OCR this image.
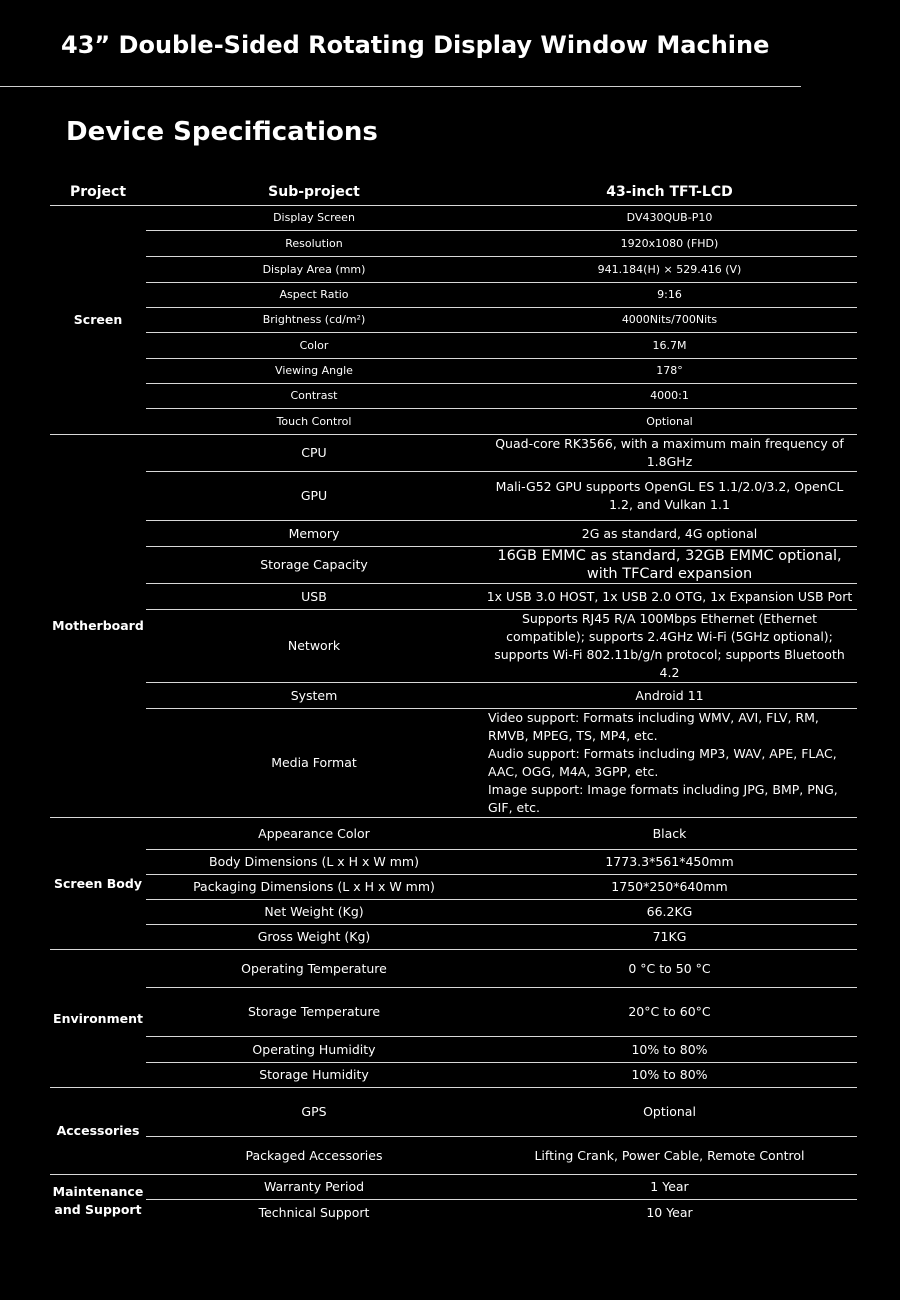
43” Double-Sided Rotating Display Window Machine
Device Specifications
Project	Sub-project	43-inch TFT-LCD
Screen	Display Screen	DV430QUB-P10
	Resolution	1920x1080 (FHD)
	Display Area (mm)	941.184(H) × 529.416 (V)
	Aspect Ratio	9:16
	Brightness (cd/m²)	4000Nits/700Nits
	Color	16.7M
	Viewing Angle	178°
	Contrast	4000:1
	Touch Control	Optional
Motherboard	CPU	Quad-core RK3566, with a maximum main frequency of 1.8GHz
	GPU	Mali-G52 GPU supports OpenGL ES 1.1/2.0/3.2, OpenCL 1.2, and Vulkan 1.1
	Memory	2G as standard, 4G optional
	Storage Capacity	16GB EMMC as standard, 32GB EMMC optional, with TFCard expansion
	USB	1x USB 3.0 HOST, 1x USB 2.0 OTG, 1x Expansion USB Port
	Network	Supports RJ45 R/A 100Mbps Ethernet (Ethernet compatible); supports 2.4GHz Wi-Fi (5GHz optional); supports Wi-Fi 802.11b/g/n protocol; supports Bluetooth 4.2
	System	Android 11
	Media Format	Video support: Formats including WMV, AVI, FLV, RM, RMVB, MPEG, TS, MP4, etc.
Audio support: Formats including MP3, WAV, APE, FLAC, AAC, OGG, M4A, 3GPP, etc.
Image support: Image formats including JPG, BMP, PNG, GIF, etc.

Screen Body	Appearance Color	Black
	Body Dimensions (L x H x W mm)	1773.3*561*450mm
	Packaging Dimensions (L x H x W mm)	1750*250*640mm
	Net Weight (Kg)	66.2KG
	Gross Weight (Kg)	71KG
Environment	Operating Temperature	0 °C to 50 °C
	Storage Temperature	20°C to 60°C
	Operating Humidity	10% to 80%
	Storage Humidity	10% to 80%
Accessories	GPS	Optional
	Packaged Accessories	Lifting Crank, Power Cable, Remote Control
Maintenance and Support	Warranty Period	1 Year
	Technical Support	10 Year
